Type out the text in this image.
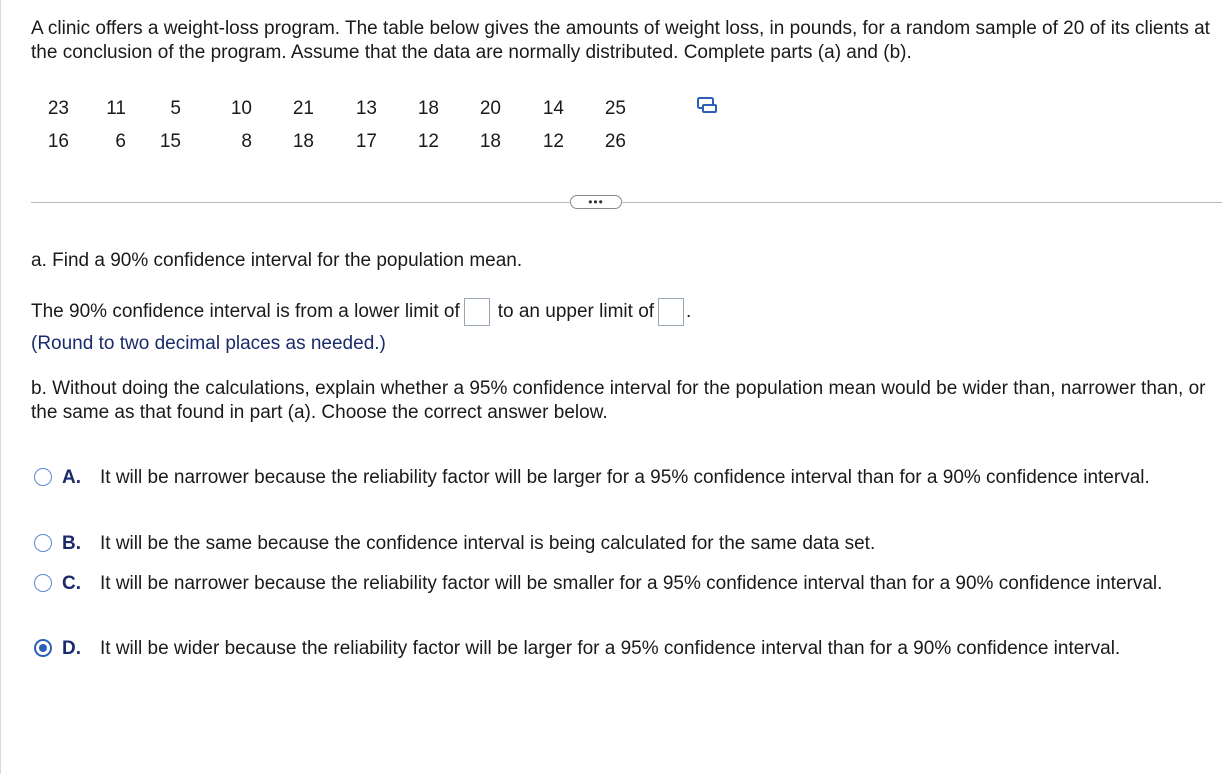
A clinic offers a weight-loss program. The table below gives the amounts of weight loss, in pounds, for a random sample of 20 of its clients at the conclusion of the program. Assume that the data are normally distributed. Complete parts (a) and (b).
23	11	5	10	21	13	18	20	14	25
16	6	15	8	18	17	12	18	12	26
•••
a. Find a 90% confidence interval for the population mean.
The 90% confidence interval is from a lower limit of to an upper limit of .
(Round to two decimal places as needed.)
b. Without doing the calculations, explain whether a 95% confidence interval for the population mean would be wider than, narrower than, or the same as that found in part (a). Choose the correct answer below.
A.	It will be narrower because the reliability factor will be larger for a 95% confidence interval than for a 90% confidence interval.
B.	It will be the same because the confidence interval is being calculated for the same data set.
C.	It will be narrower because the reliability factor will be smaller for a 95% confidence interval than for a 90% confidence interval.
D.	It will be wider because the reliability factor will be larger for a 95% confidence interval than for a 90% confidence interval.
